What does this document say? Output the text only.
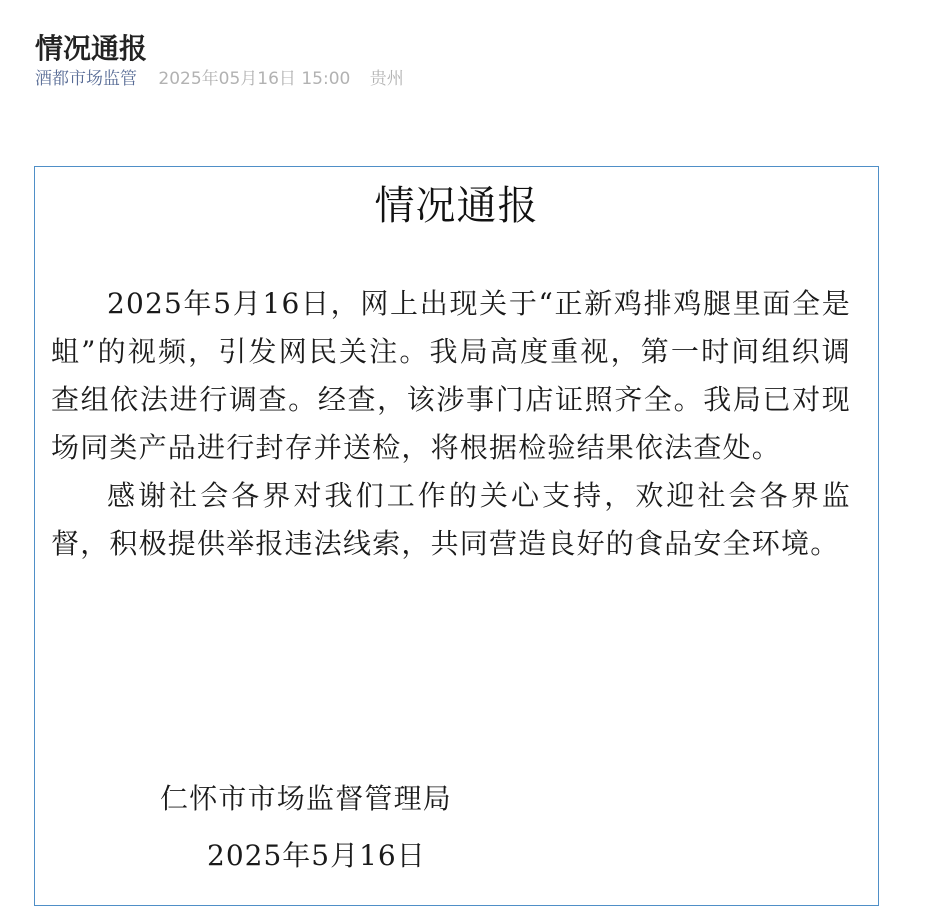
情况通报
酒都市场监管 2025年05月16日 15:00 贵州
情况通报

2025年5月16日，网上出现关于“正新鸡排鸡腿里面全是蛆”的视频，引发网民关注。我局高度重视，第一时间组织调查组依法进行调查。经查，该涉事门店证照齐全。我局已对现场同类产品进行封存并送检，将根据检验结果依法查处。

感谢社会各界对我们工作的关心支持，欢迎社会各界监督，积极提供举报违法线索，共同营造良好的食品安全环境。

仁怀市市场监督管理局
2025年5月16日
